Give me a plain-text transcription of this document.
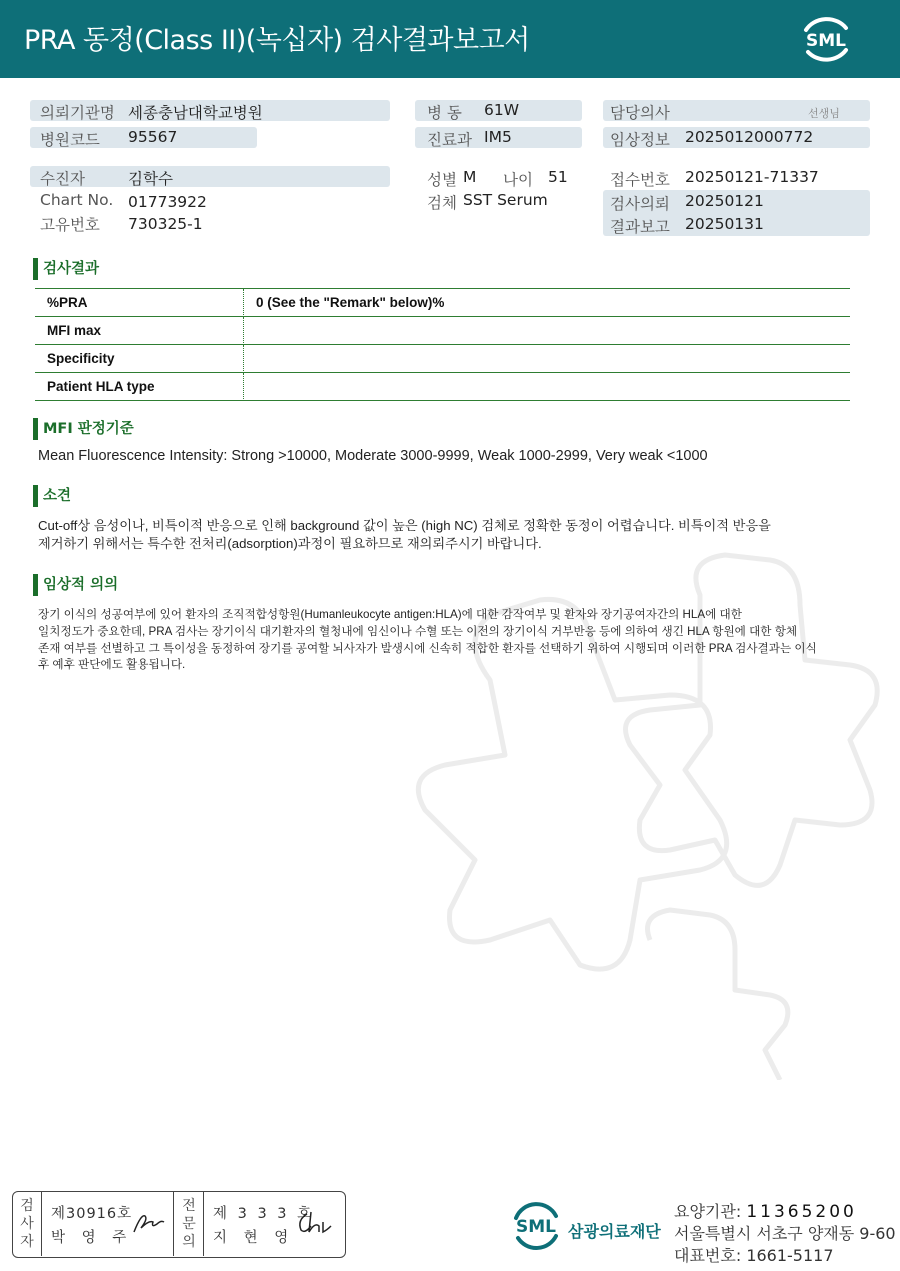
PRA 동정(Class II)(녹십자) 검사결과보고서	SML
의뢰기관명 세종충남대학교병원
병원코드 95567
병 동 61W
진료과 IM5
담당의사	선생님
임상정보 2025012000772
수진자	김학수
Chart No. 01773922
고유번호 730325-1
성별 M 나이 51
검체 SST Serum
접수번호 20250121-71337
검사의뢰 20250121
결과보고 20250131
검사결과
%PRA	0 (See the "Remark" below)%
MFI max
Specificity
Patient HLA type
MFI 판정기준
Mean Fluorescence Intensity: Strong >10000, Moderate 3000-9999, Weak 1000-2999, Very weak <1000
소견
Cut-off상 음성이나, 비특이적 반응으로 인해 background 값이 높은 (high NC) 검체로 정확한 동정이 어렵습니다. 비특이적 반응을
제거하기 위해서는 특수한 전처리(adsorption)과정이 필요하므로 재의뢰주시기 바랍니다.
임상적 의의
장기 이식의 성공여부에 있어 환자의 조직적합성항원(Humanleukocyte antigen:HLA)에 대한 감작여부 및 환자와 장기공여자간의 HLA에 대한
일치정도가 중요한데, PRA 검사는 장기이식 대기환자의 혈청내에 임신이나 수혈 또는 이전의 장기이식 거부반응 등에 의하여 생긴 HLA 항원에 대한 항체
존재 여부를 선별하고 그 특이성을 동정하여 장기를 공여할 뇌사자가 발생시에 신속히 적합한 환자를 선택하기 위하여 시행되며 이러한 PRA 검사결과는 이식
후 예후 판단에도 활용됩니다.
검
사
자
제30916호
박 영 주
전
문
의
제 3 3 3 호
지 현 영
SML 삼광의료재단
요양기관: 11365200
서울특별시 서초구 양재동 9-60
대표번호: 1661-5117
